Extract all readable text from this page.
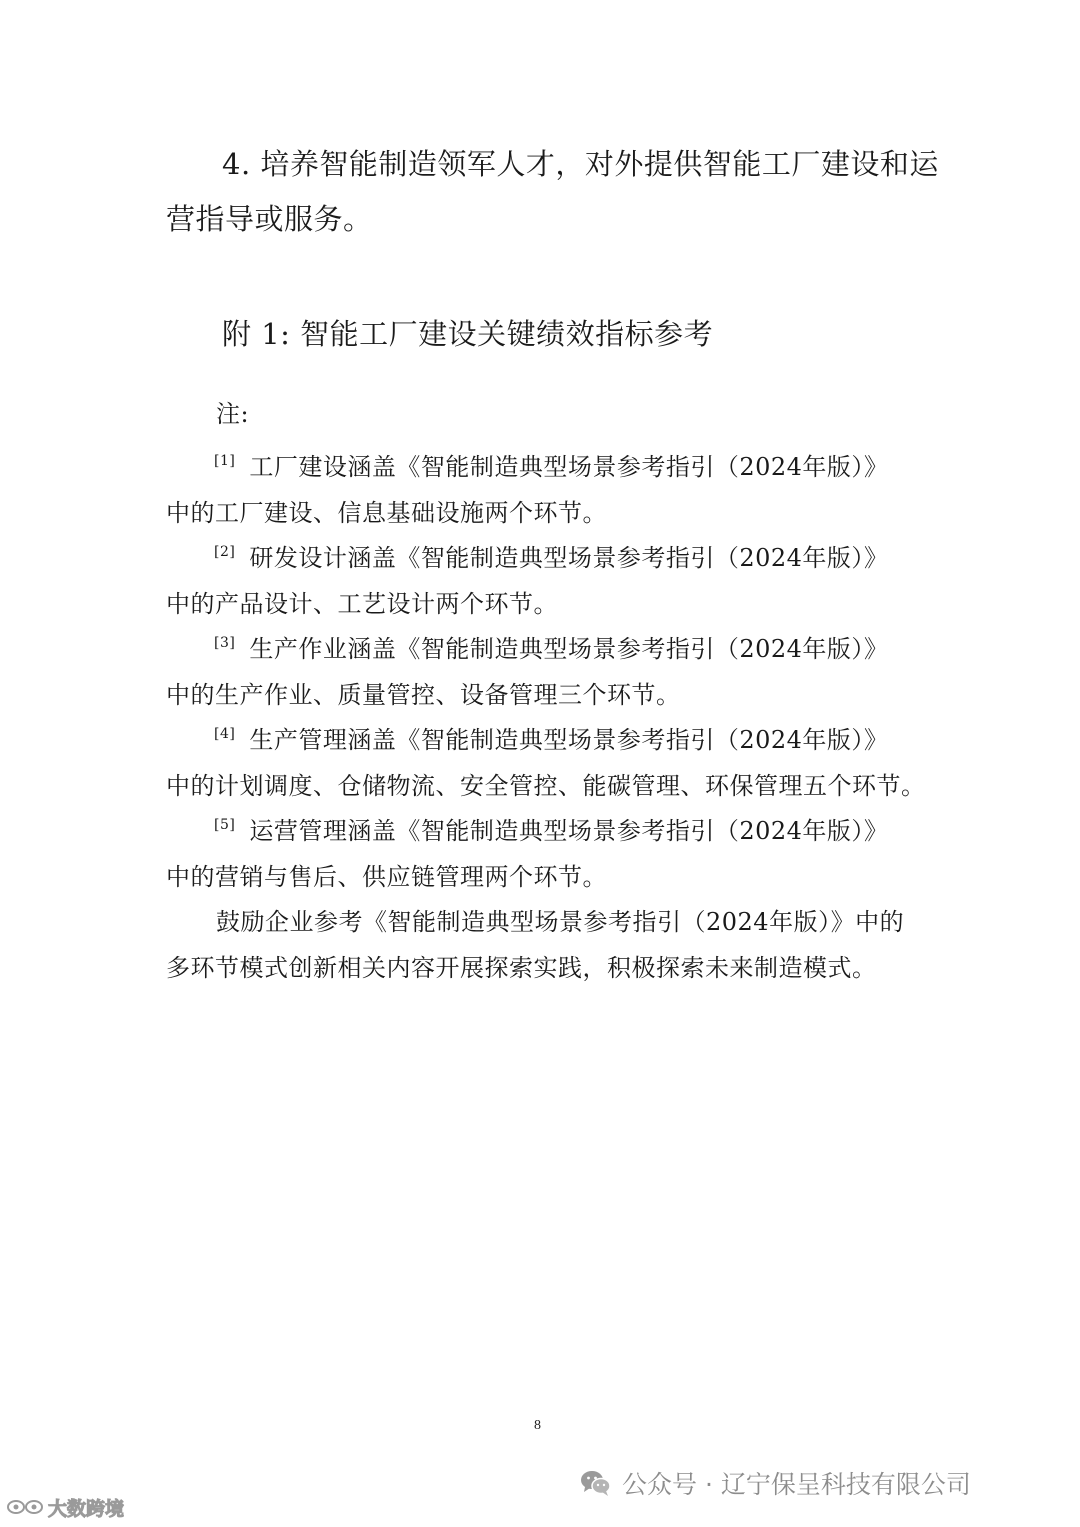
4. 培养智能制造领军人才，对外提供智能工厂建设和运
营指导或服务。
附 1: 智能工厂建设关键绩效指标参考
注:
[1] 工厂建设涵盖《智能制造典型场景参考指引（2024年版）》
中的工厂建设、信息基础设施两个环节。
[2] 研发设计涵盖《智能制造典型场景参考指引（2024年版）》
中的产品设计、工艺设计两个环节。
[3] 生产作业涵盖《智能制造典型场景参考指引（2024年版）》
中的生产作业、质量管控、设备管理三个环节。
[4] 生产管理涵盖《智能制造典型场景参考指引（2024年版）》
中的计划调度、仓储物流、安全管控、能碳管理、环保管理五个环节。
[5] 运营管理涵盖《智能制造典型场景参考指引（2024年版）》
中的营销与售后、供应链管理两个环节。
鼓励企业参考《智能制造典型场景参考指引（2024年版）》中的
多环节模式创新相关内容开展探索实践，积极探索未来制造模式。
8
公众号 · 辽宁保呈科技有限公司
大数跨境
